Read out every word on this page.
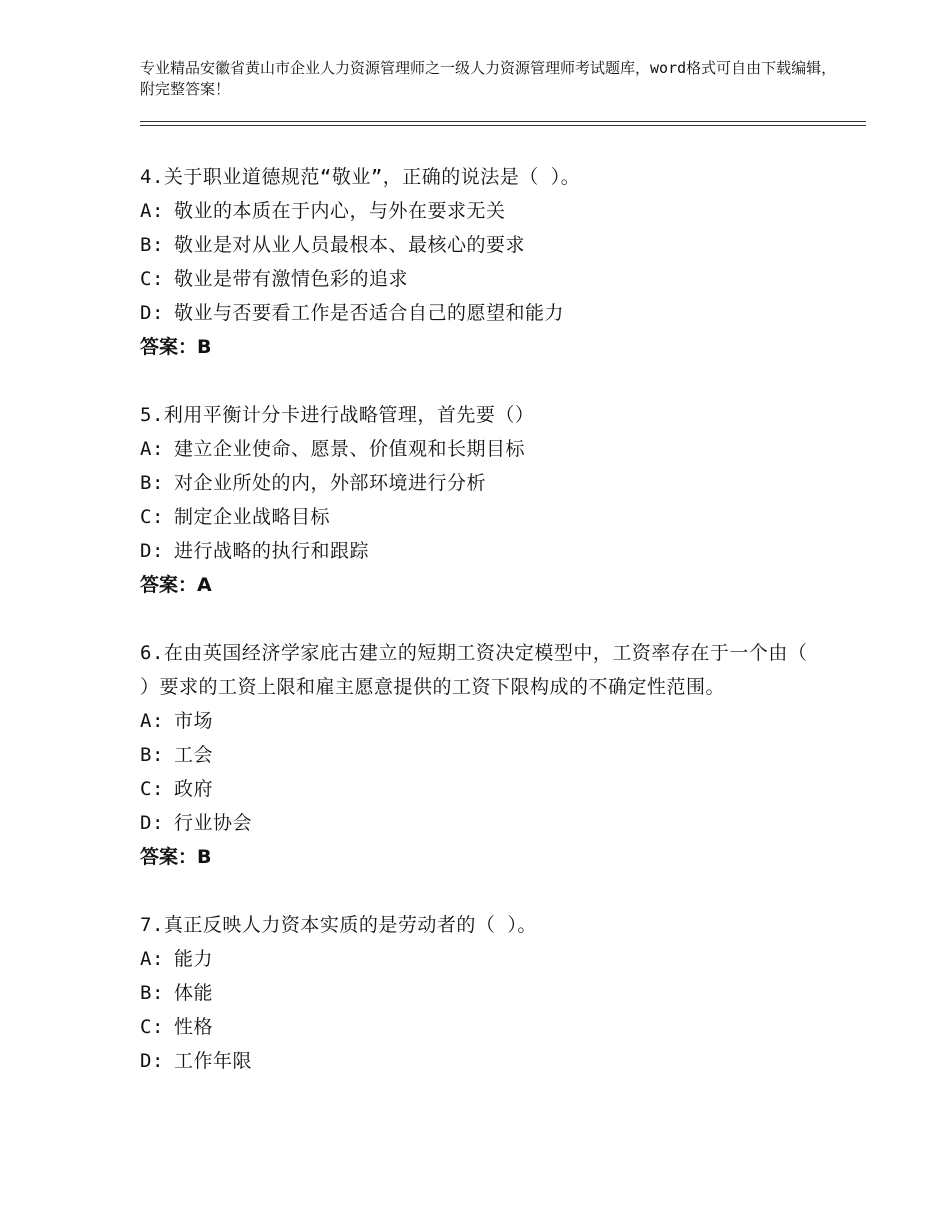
专业精品安徽省黄山市企业人力资源管理师之一级人力资源管理师考试题库，word格式可自由下载编辑，附完整答案！
4.关于职业道德规范“敬业”，正确的说法是（ ）。
A: 敬业的本质在于内心，与外在要求无关
B: 敬业是对从业人员最根本、最核心的要求
C: 敬业是带有激情色彩的追求
D: 敬业与否要看工作是否适合自己的愿望和能力
答案：B
5.利用平衡计分卡进行战略管理，首先要（）
A: 建立企业使命、愿景、价值观和长期目标
B: 对企业所处的内，外部环境进行分析
C: 制定企业战略目标
D: 进行战略的执行和跟踪
答案：A
6.在由英国经济学家庇古建立的短期工资决定模型中，工资率存在于一个由（ ）要求的工资上限和雇主愿意提供的工资下限构成的不确定性范围。
A: 市场
B: 工会
C: 政府
D: 行业协会
答案：B
7.真正反映人力资本实质的是劳动者的（ ）。
A: 能力
B: 体能
C: 性格
D: 工作年限
